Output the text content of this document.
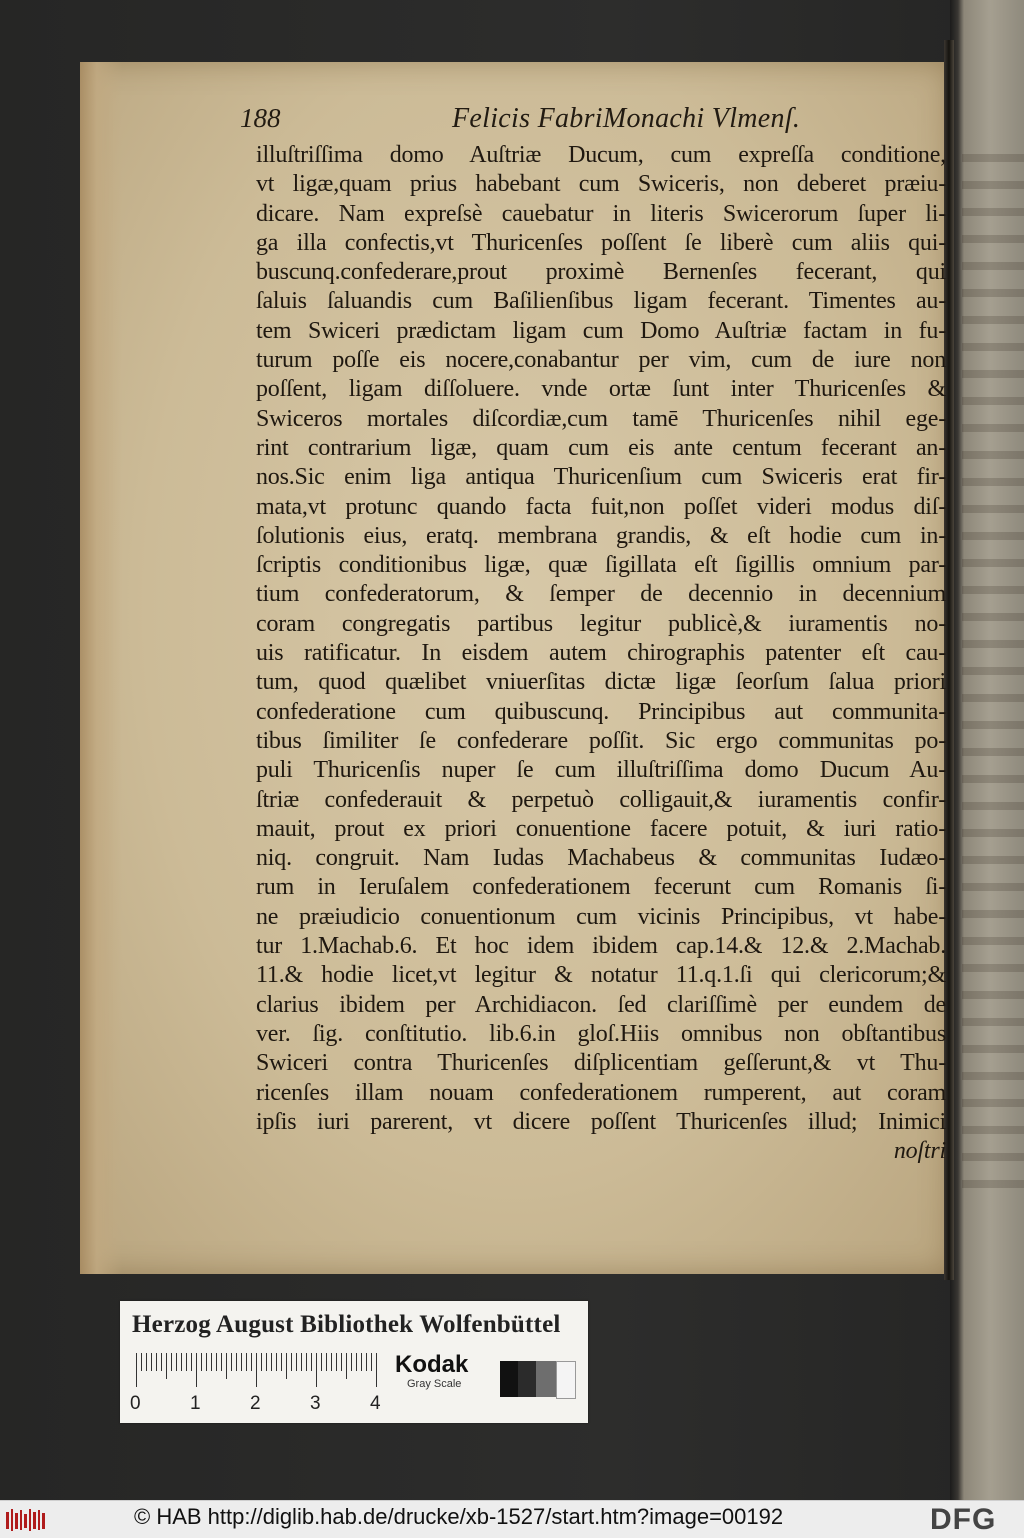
188	Felicis FabriMonachi Vlmenſ.
illuſtriſſima domo Auſtriæ Ducum, cum expreſſa conditione,
vt ligæ,quam prius habebant cum Swiceris, non deberet præiu-
dicare. Nam expreſsè cauebatur in literis Swicerorum ſuper li-
ga illa confectis,vt Thuricenſes poſſent ſe liberè cum aliis qui-
buscunq.confederare,prout proximè Bernenſes fecerant, qui
ſaluis ſaluandis cum Baſilienſibus ligam fecerant. Timentes au-
tem Swiceri prædictam ligam cum Domo Auſtriæ factam in fu-
turum poſſe eis nocere,conabantur per vim, cum de iure non
poſſent, ligam diſſoluere. vnde ortæ ſunt inter Thuricenſes &
Swiceros mortales diſcordiæ,cum tamē Thuricenſes nihil ege-
rint contrarium ligæ, quam cum eis ante centum fecerant an-
nos.Sic enim liga antiqua Thuricenſium cum Swiceris erat fir-
mata,vt protunc quando facta fuit,non poſſet videri modus diſ-
ſolutionis eius, eratq. membrana grandis, & eſt hodie cum in-
ſcriptis conditionibus ligæ, quæ ſigillata eſt ſigillis omnium par-
tium confederatorum, & ſemper de decennio in decennium
coram congregatis partibus legitur publicè,& iuramentis no-
uis ratificatur. In eisdem autem chirographis patenter eſt cau-
tum, quod quælibet vniuerſitas dictæ ligæ ſeorſum ſalua priori
confederatione cum quibuscunq. Principibus aut communita-
tibus ſimiliter ſe confederare poſſit. Sic ergo communitas po-
puli Thuricenſis nuper ſe cum illuſtriſſima domo Ducum Au-
ſtriæ confederauit & perpetuò colligauit,& iuramentis confir-
mauit, prout ex priori conuentione facere potuit, & iuri ratio-
niq. congruit. Nam Iudas Machabeus & communitas Iudæo-
rum in Ieruſalem confederationem fecerunt cum Romanis ſi-
ne præiudicio conuentionum cum vicinis Principibus, vt habe-
tur 1.Machab.6. Et hoc idem ibidem cap.14.& 12.& 2.Machab.
11.& hodie licet,vt legitur & notatur 11.q.1.ſi qui clericorum;&
clarius ibidem per Archidiacon. ſed clariſſimè per eundem de
ver. ſig. conſtitutio. lib.6.in gloſ.Hiis omnibus non obſtantibus
Swiceri contra Thuricenſes diſplicentiam geſſerunt,& vt Thu-
ricenſes illam nouam confederationem rumperent, aut coram
ipſis iuri parerent, vt dicere poſſent Thuricenſes illud; Inimici
noſtri
Herzog August Bibliothek Wolfenbüttel
0	1	2	3	4
Kodak
Gray Scale
© HAB http://diglib.hab.de/drucke/xb-1527/start.htm?image=00192	DFG
